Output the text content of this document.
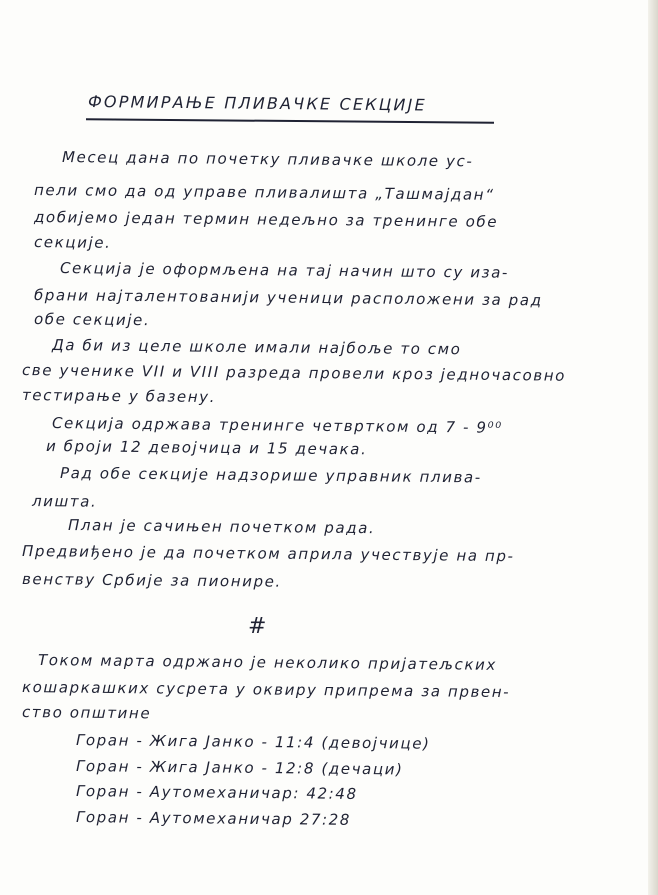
ФОРМИРАЊЕ ПЛИВАЧКЕ СЕКЦИЈЕ
Месец дана по почетку пливачке школе ус-
пели смо да од управе пливалишта „Ташмајдан“
добијемо један термин недељно за тренинге обе
секције.
Секција је оформљена на тај начин што су иза-
брани најталентованији ученици расположени за рад
обе секције.
Да би из целе школе имали најбоље то смо
све ученике VII и VIII разреда провели кроз једночасовно
тестирање у базену.
Секција одржава тренинге четвртком од 7 - 9⁰⁰
и броји 12 девојчица и 15 дечака.
Рад обе секције надзорише управник плива-
лишта.
План је сачињен почетком рада.
Предвиђено је да почетком априла учествује на пр-
венству Србије за пионире.
#
Током марта одржано је неколико пријатељских
кошаркашких сусрета у оквиру припрема за првен-
ство општине
Горан - Жига Јанко - 11:4 (девојчице)
Горан - Жига Јанко - 12:8 (дечаци)
Горан - Аутомеханичар: 42:48
Горан - Аутомеханичар 27:28
